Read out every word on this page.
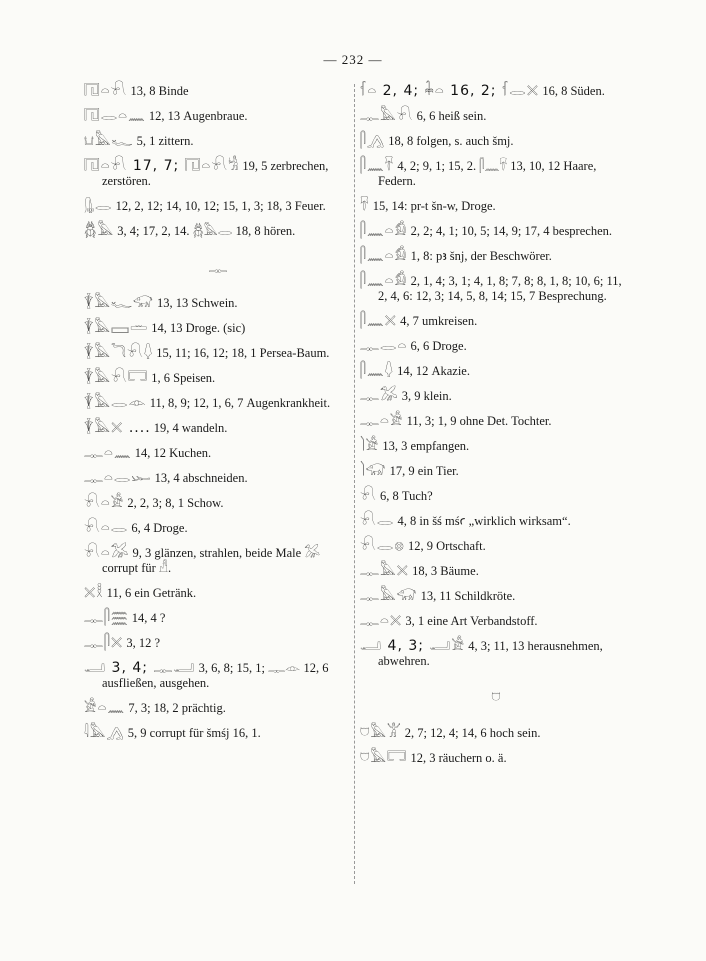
— 232 —
𓉔𓏏𓍯 13, 8 Binde
𓉔𓂋𓏏𓈖 12, 13 Augenbraue.
𓂓𓅓𓆑 5, 1 zittern.
𓉔𓏏𓍯 17, 7; 𓉔𓏏𓍯𓀜 19, 5 zerbrechen, zerstören.
𓊮𓂋 12, 2, 12; 14, 10, 12; 15, 1, 3; 18, 3 Feuer.
𓆣𓅓 3, 4; 17, 2, 14. 𓆣𓅓𓂋 18, 8 hören.
𓊃
𓇉𓅓𓆑𓃟 13, 13 Schwein.
𓇉𓅓𓈙𓏛 14, 13 Droge. (sic)
𓇉𓅓𓆓𓍯𓆭 15, 11; 16, 12; 18, 1 Persea-Baum.
𓇉𓅓𓍯𓉐 1, 6 Speisen.
𓇉𓅓𓂋𓁹 11, 8, 9; 12, 1, 6, 7 Augenkrankheit.
𓇉𓅓𓏴 .... 19, 4 wandeln.
𓊃𓏏𓈖 14, 12 Kuchen.
𓊃𓏏𓂋𓆱 13, 4 abschneiden.
𓍯𓏏𓀀 2, 2, 3; 8, 1 Schow.
𓍯𓏏𓂋 6, 4 Droge.
𓍯𓏏𓅮 9, 3 glänzen, strahlen, beide Male 𓅮 corrupt für 𓀭.
𓏴𓎛 11, 6 ein Getränk.
𓊃𓋴𓈗 14, 4 ?
𓊃𓋴𓏴 3, 12 ?
𓂝 3, 4; 𓊃𓂝 3, 6, 8; 15, 1; 𓊃𓁹 12, 6 ausfließen, ausgehen.
𓀀𓏏𓈖 7, 3; 18, 2 prächtig.
𓇋𓅓𓂻 5, 9 corrupt für šmśj 16, 1.
𓆳𓏏 2, 4; 𓇓𓏏 16, 2; 𓆳𓂋𓏴 16, 8 Süden.
𓊃𓅓𓍯 6, 6 heiß sein.
𓋴𓂻 18, 8 folgen, s. auch šmj.
𓋴𓈖𓄜 4, 2; 9, 1; 15, 2. 𓋴𓈖𓄜 13, 10, 12 Haare, Federn.
𓄜 15, 14: pr-t šn-w, Droge.
𓋴𓈖𓏏𓀁 2, 2; 4, 1; 10, 5; 14, 9; 17, 4 besprechen.
𓋴𓈖𓏏𓀁 1, 8: pꜣ šnj, der Beschwörer.
𓋴𓈖𓏏𓀁 2, 1, 4; 3, 1; 4, 1, 8; 7, 8; 8, 1, 8; 10, 6; 11, 2, 4, 6: 12, 3; 14, 5, 8, 14; 15, 7 Besprechung.
𓋴𓈖𓏴 4, 7 umkreisen.
𓊃𓂋𓏏 6, 6 Droge.
𓋴𓈖𓆭 14, 12 Akazie.
𓊃𓅮 3, 9 klein.
𓊃𓏏𓀀 11, 3; 1, 9 ohne Det. Tochter.
𓌙𓀀 13, 3 empfangen.
𓌙𓃟 17, 9 ein Tier.
𓍯 6, 8 Tuch?
𓍯𓂋 4, 8 in šś mśꜥ „wirklich wirksam“.
𓍯𓂋𓊖 12, 9 Ortschaft.
𓊃𓅓𓏴 18, 3 Bäume.
𓊃𓅓𓃟 13, 11 Schildkröte.
𓊃𓏏𓏴 3, 1 eine Art Verbandstoff.
𓂝 4, 3; 𓂝𓀀 4, 3; 11, 13 herausnehmen, abwehren.
𓈞
𓈞𓅓𓀠 2, 7; 12, 4; 14, 6 hoch sein.
𓈞𓅓𓉐 12, 3 räuchern o. ä.
